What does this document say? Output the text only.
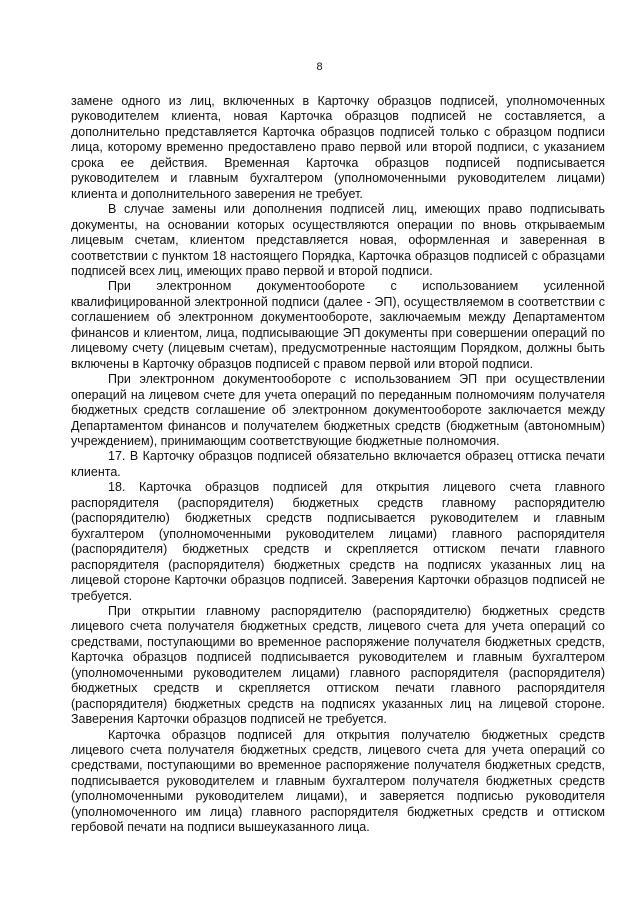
8

замене одного из лиц, включенных в Карточку образцов подписей, уполномоченных руководителем клиента, новая Карточка образцов подписей не составляется, а дополнительно представляется Карточка образцов подписей только с образцом подписи лица, которому временно предоставлено право первой или второй подписи, с указанием срока ее действия. Временная Карточка образцов подписей подписывается руководителем и главным бухгалтером (уполномоченными руководителем лицами) клиента и дополнительного заверения не требует.

В случае замены или дополнения подписей лиц, имеющих право подписывать документы, на основании которых осуществляются операции по вновь открываемым лицевым счетам, клиентом представляется новая, оформленная и заверенная в соответствии с пунктом 18 настоящего Порядка, Карточка образцов подписей с образцами подписей всех лиц, имеющих право первой и второй подписи.

При электронном документообороте с использованием усиленной квалифицированной электронной подписи (далее - ЭП), осуществляемом в соответствии с соглашением об электронном документообороте, заключаемым между Департаментом финансов и клиентом, лица, подписывающие ЭП документы при совершении операций по лицевому счету (лицевым счетам), предусмотренные настоящим Порядком, должны быть включены в Карточку образцов подписей с правом первой или второй подписи.

При электронном документообороте с использованием ЭП при осуществлении операций на лицевом счете для учета операций по переданным полномочиям получателя бюджетных средств соглашение об электронном документообороте заключается между Департаментом финансов и получателем бюджетных средств (бюджетным (автономным) учреждением), принимающим соответствующие бюджетные полномочия.

17. В Карточку образцов подписей обязательно включается образец оттиска печати клиента.

18. Карточка образцов подписей для открытия лицевого счета главного распорядителя (распорядителя) бюджетных средств главному распорядителю (распорядителю) бюджетных средств подписывается руководителем и главным бухгалтером (уполномоченными руководителем лицами) главного распорядителя (распорядителя) бюджетных средств и скрепляется оттиском печати главного распорядителя (распорядителя) бюджетных средств на подписях указанных лиц на лицевой стороне Карточки образцов подписей. Заверения Карточки образцов подписей не требуется.

При открытии главному распорядителю (распорядителю) бюджетных средств лицевого счета получателя бюджетных средств, лицевого счета для учета операций со средствами, поступающими во временное распоряжение получателя бюджетных средств, Карточка образцов подписей подписывается руководителем и главным бухгалтером (уполномоченными руководителем лицами) главного распорядителя (распорядителя) бюджетных средств и скрепляется оттиском печати главного распорядителя (распорядителя) бюджетных средств на подписях указанных лиц на лицевой стороне. Заверения Карточки образцов подписей не требуется.

Карточка образцов подписей для открытия получателю бюджетных средств лицевого счета получателя бюджетных средств, лицевого счета для учета операций со средствами, поступающими во временное распоряжение получателя бюджетных средств, подписывается руководителем и главным бухгалтером получателя бюджетных средств (уполномоченными руководителем лицами), и заверяется подписью руководителя (уполномоченного им лица) главного распорядителя бюджетных средств и оттиском гербовой печати на подписи вышеуказанного лица.
